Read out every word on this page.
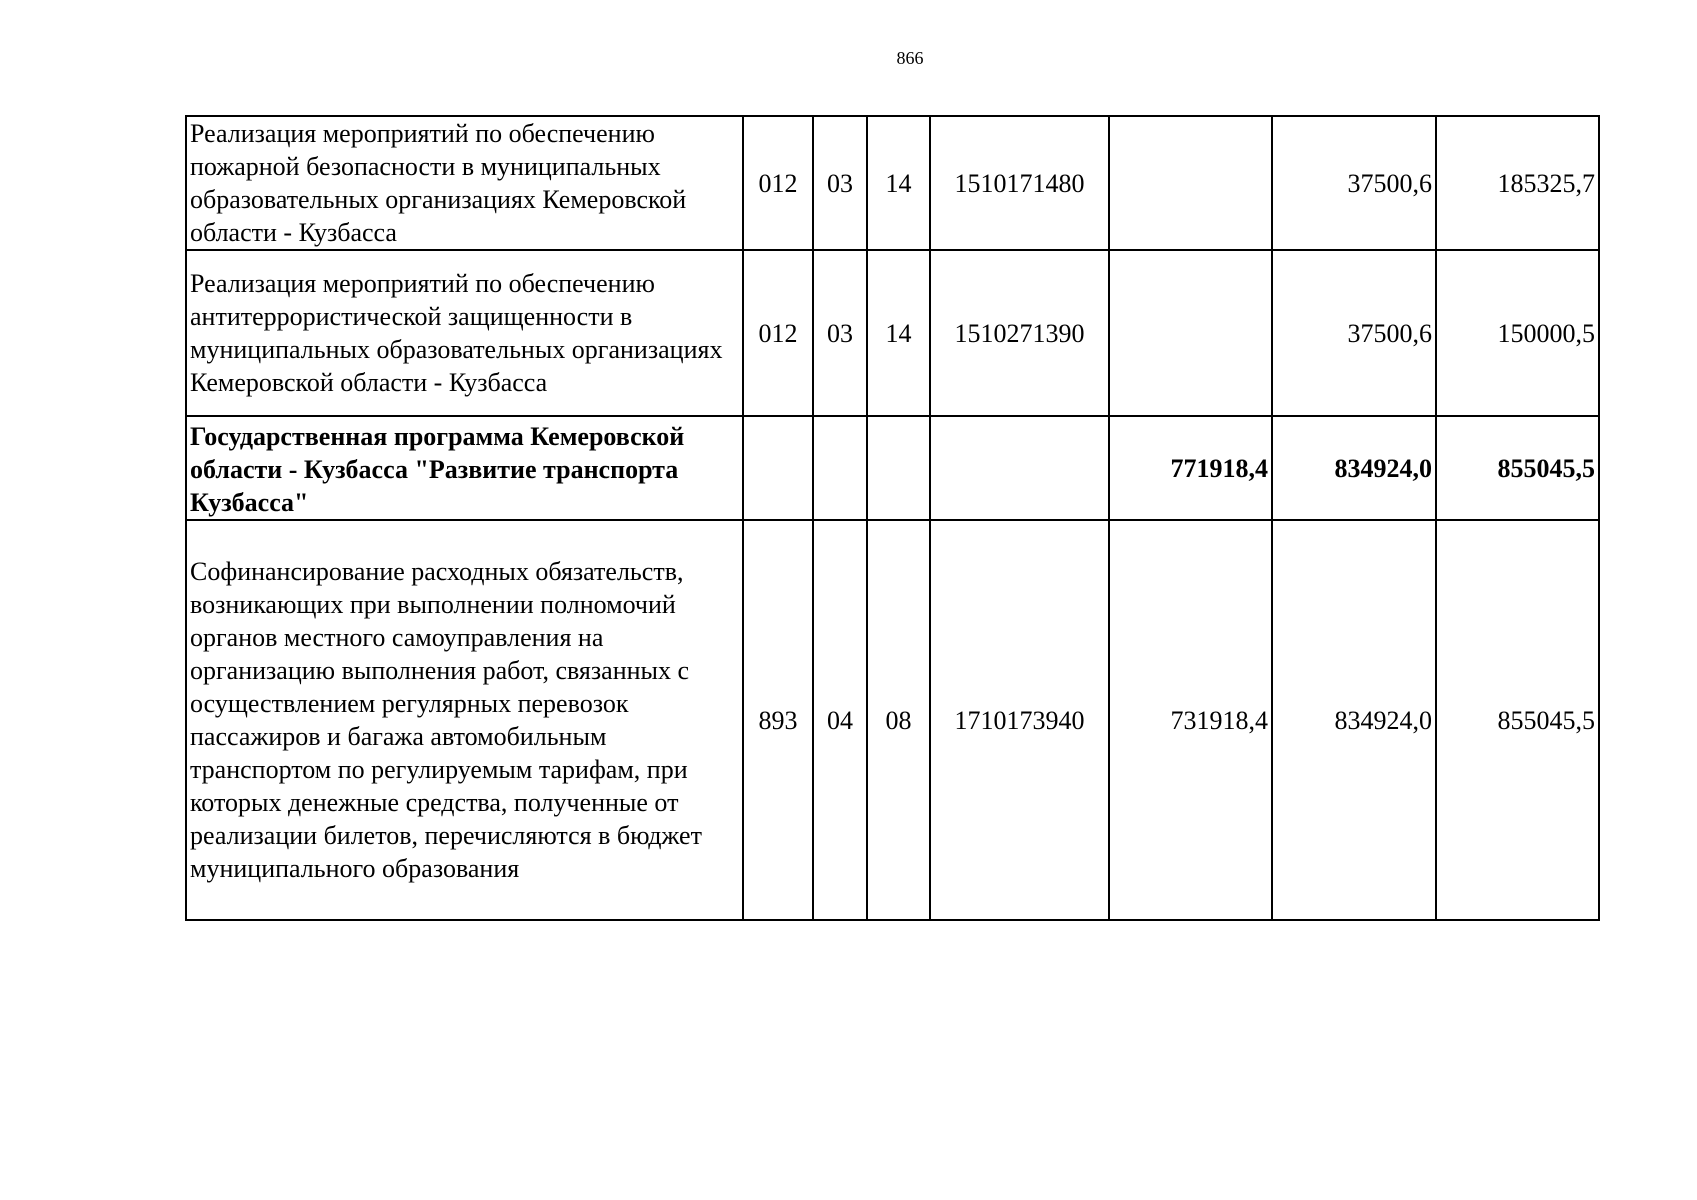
866
Реализация мероприятий по обеспечению пожарной безопасности в муниципальных образовательных организациях Кемеровской области - Кузбасса	012	03	14	1510171480		37500,6	185325,7
Реализация мероприятий по обеспечению антитеррористической защищенности в муниципальных образовательных организациях Кемеровской области - Кузбасса	012	03	14	1510271390		37500,6	150000,5
Государственная программа Кемеровской области - Кузбасса "Развитие транспорта Кузбасса"					771918,4	834924,0	855045,5
Софинансирование расходных обязательств, возникающих при выполнении полномочий органов местного самоуправления на организацию выполнения работ, связанных с осуществлением регулярных перевозок пассажиров и багажа автомобильным транспортом по регулируемым тарифам, при которых денежные средства, полученные от реализации билетов, перечисляются в бюджет муниципального образования	893	04	08	1710173940	731918,4	834924,0	855045,5
